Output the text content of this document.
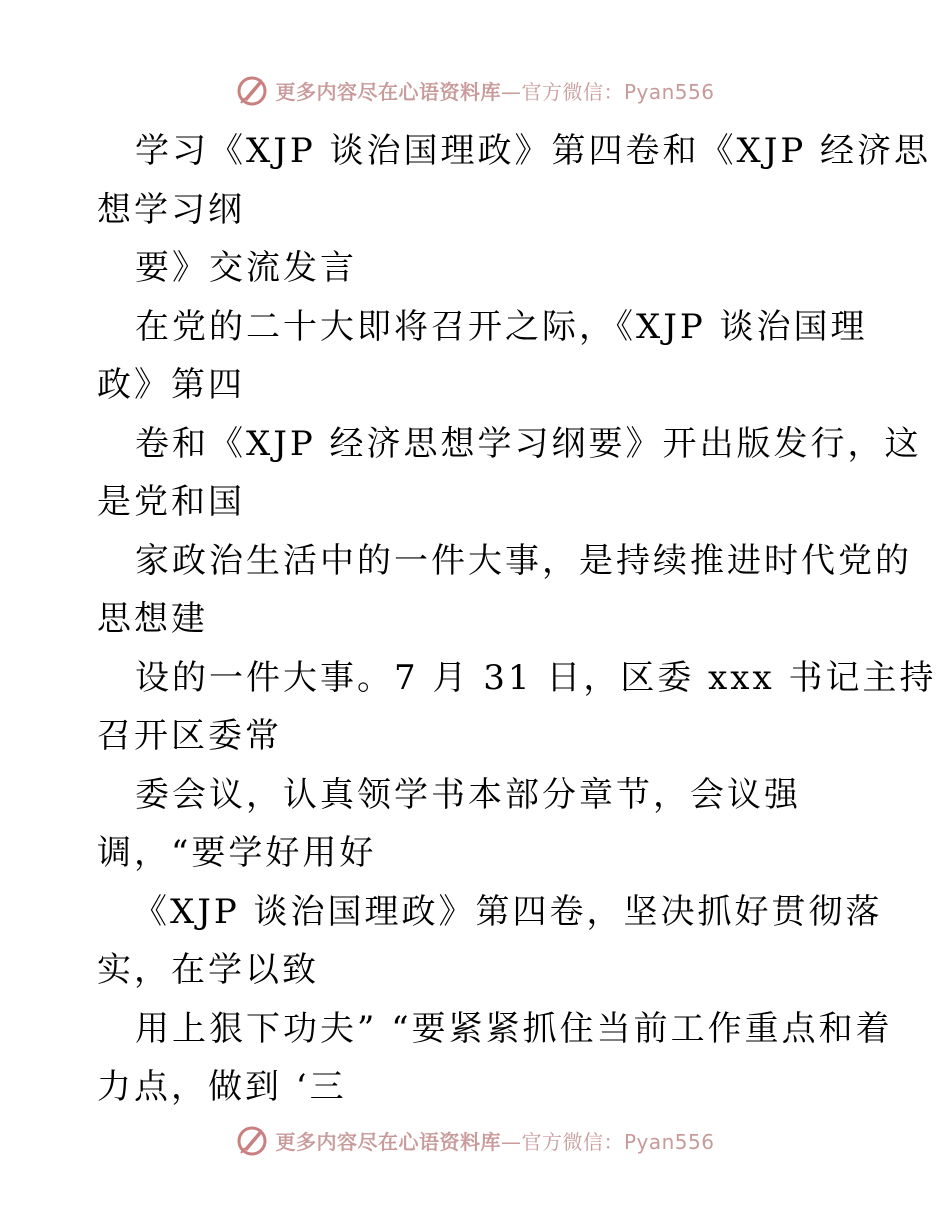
更多内容尽在心语资料库—官方微信：Pyan556
学习《XJP 谈治国理政》第四卷和《XJP 经济思
想学习纲
要》交流发言
在党的二十大即将召开之际，《XJP 谈治国理
政》第四
卷和《XJP 经济思想学习纲要》开出版发行，这
是党和国
家政治生活中的一件大事，是持续推进时代党的
思想建
设的一件大事。7 月 31 日，区委 xxx 书记主持
召开区委常
委会议，认真领学书本部分章节，会议强
调，“要学好用好
《XJP 谈治国理政》第四卷，坚决抓好贯彻落
实，在学以致
用上狠下功夫” “要紧紧抓住当前工作重点和着
力点，做到 ‘三
更多内容尽在心语资料库—官方微信：Pyan556
